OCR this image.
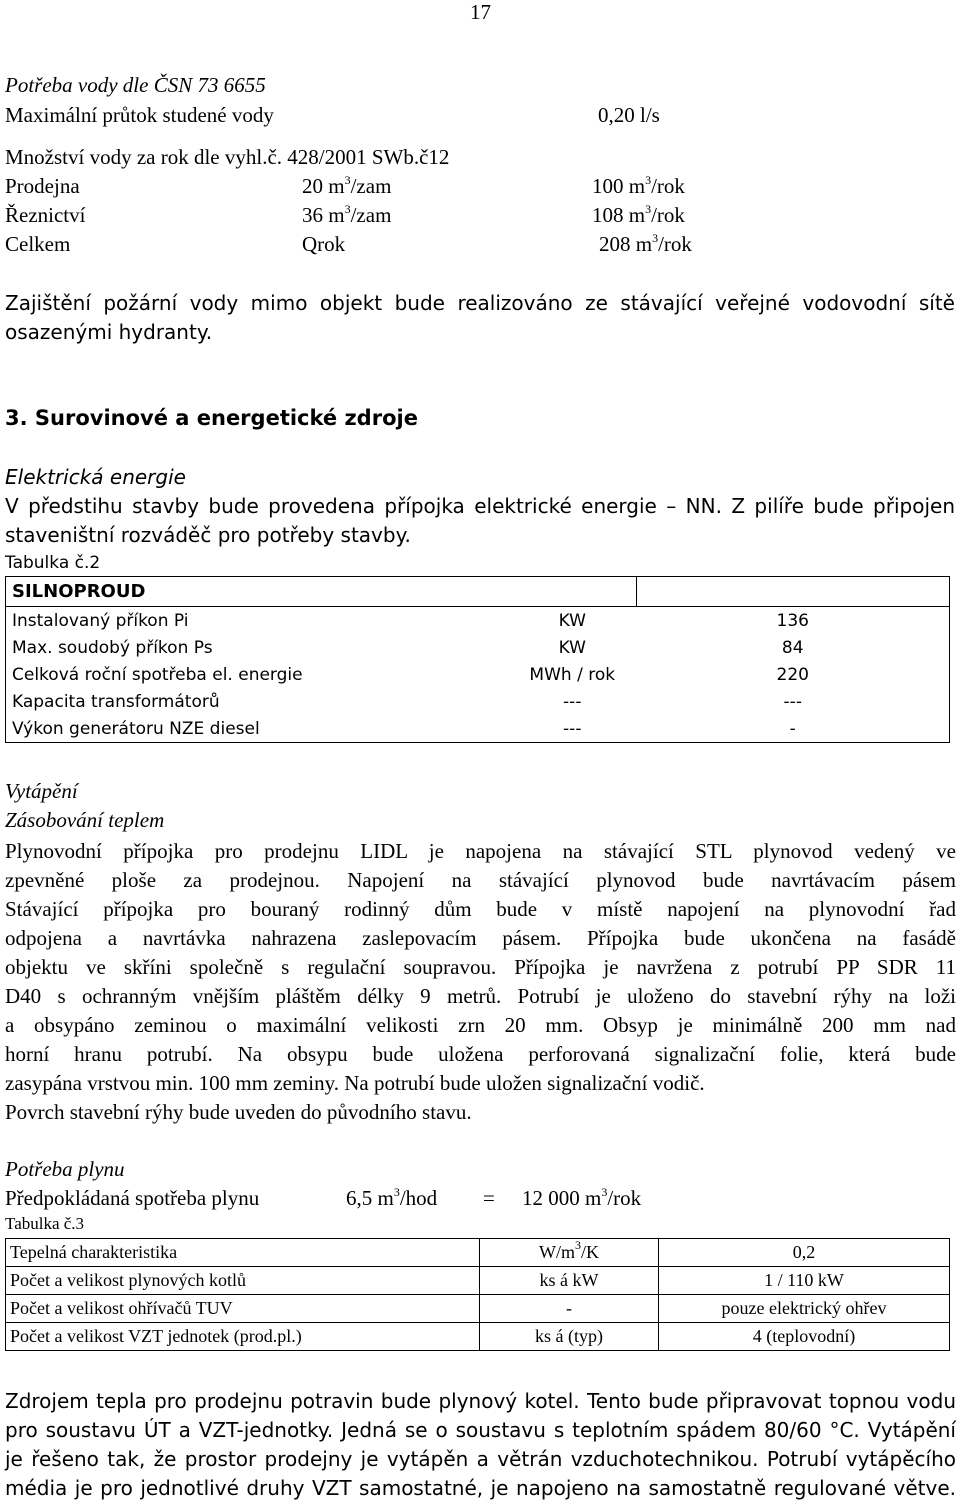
17
Potřeba vody dle ČSN 73 6655
Maximální průtok studené vody	0,20 l/s
Množství vody za rok dle vyhl.č. 428/2001 SWb.č12
Prodejna	20 $m^3$/zam	100 $m^3$/rok
Řeznictví	36 $m^3$/zam	108 $m^3$/rok
Celkem	Qrok	208 $m^3$/rok
Zajištění požární vody mimo objekt bude realizováno ze stávající veřejné vodovodní sítě
osazenými hydranty.
3. Surovinové a energetické zdroje
Elektrická energie
V předstihu stavby bude provedena přípojka elektrické energie – NN. Z pilíře bude připojen
staveništní rozváděč pro potřeby stavby.
Tabulka č.2
SILNOPROUD		
Instalovaný příkon Pi	KW	136
Max. soudobý příkon Ps	KW	84
Celková roční spotřeba el. energie	MWh / rok	220
Kapacita transformátorů	---	---
Výkon generátoru NZE diesel	---	-
Vytápění
Zásobování teplem
Plynovodní přípojka pro prodejnu LIDL je napojena na stávající STL plynovod vedený ve
zpevněné ploše za prodejnou. Napojení na stávající plynovod bude navrtávacím pásem
Stávající přípojka pro bouraný rodinný dům bude v místě napojení na plynovodní řad
odpojena a navrtávka nahrazena zaslepovacím pásem. Přípojka bude ukončena na fasádě
objektu ve skříni společně s regulační soupravou. Přípojka je navržena z potrubí PP SDR 11
D40 s ochranným vnějším pláštěm délky 9 metrů. Potrubí je uloženo do stavební rýhy na loži
a obsypáno zeminou o maximální velikosti zrn 20 mm. Obsyp je minimálně 200 mm nad
horní hranu potrubí. Na obsypu bude uložena perforovaná signalizační folie, která bude
zasypána vrstvou min. 100 mm zeminy. Na potrubí bude uložen signalizační vodič.
Povrch stavební rýhy bude uveden do původního stavu.
Potřeba plynu
Předpokládaná spotřeba plynu	6,5 $m^3$/hod = 12 000 $m^3$/rok
Tabulka č.3
Tepelná charakteristika	$W/m^3/K$	0,2
Počet a velikost plynových kotlů	ks á kW	1 / 110 kW
Počet a velikost ohřívačů TUV	-	pouze elektrický ohřev
Počet a velikost VZT jednotek (prod.pl.)	ks á (typ)	4 (teplovodní)
Zdrojem tepla pro prodejnu potravin bude plynový kotel. Tento bude připravovat topnou vodu
pro soustavu ÚT a VZT-jednotky. Jedná se o soustavu s teplotním spádem 80/60 °C. Vytápění
je řešeno tak, že prostor prodejny je vytápěn a větrán vzduchotechnikou. Potrubí vytápěcího
média je pro jednotlivé druhy VZT samostatné, je napojeno na samostatně regulované větve.
